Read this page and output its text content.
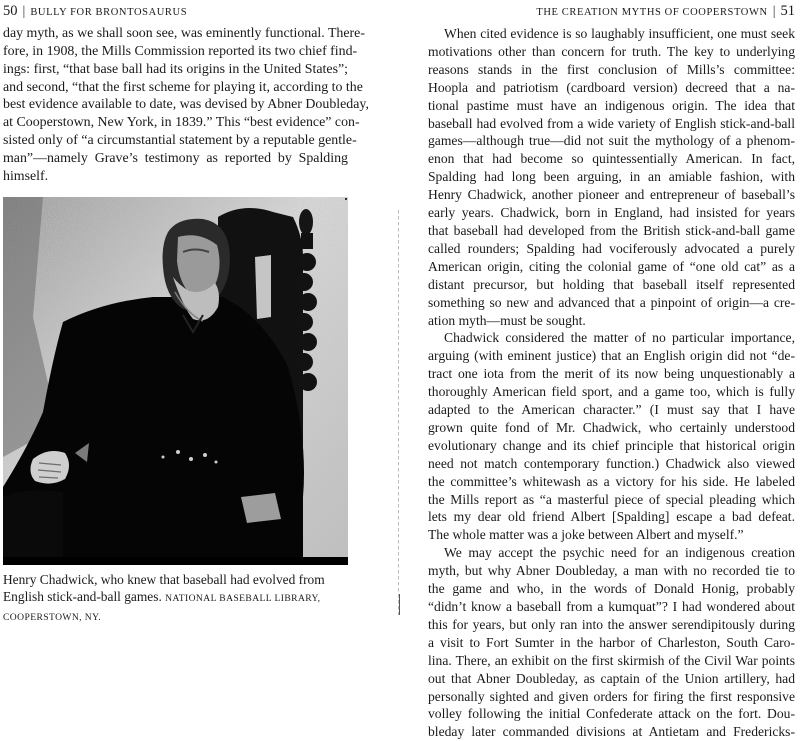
50 | BULLY FOR BRONTOSAURUS

day myth, as we shall soon see, was eminently functional. There-
fore, in 1908, the Mills Commission reported its two chief find-
ings: first, “that base ball had its origins in the United States”;
and second, “that the first scheme for playing it, according to the
best evidence available to date, was devised by Abner Doubleday,
at Cooperstown, New York, in 1839.” This “best evidence” con-
sisted only of “a circumstantial statement by a reputable gentle-
man”—namely Grave’s testimony as reported by Spalding
himself.

Henry Chadwick, who knew that baseball had evolved from English stick-and-ball games. NATIONAL BASEBALL LIBRARY, COOPERSTOWN, NY.
THE CREATION MYTHS OF COOPERSTOWN | 51

When cited evidence is so laughably insufficient, one must seek
motivations other than concern for truth. The key to underlying
reasons stands in the first conclusion of Mills’s committee:
Hoopla and patriotism (cardboard version) decreed that a na-
tional pastime must have an indigenous origin. The idea that
baseball had evolved from a wide variety of English stick-and-ball
games—although true—did not suit the mythology of a phenom-
enon that had become so quintessentially American. In fact,
Spalding had long been arguing, in an amiable fashion, with
Henry Chadwick, another pioneer and entrepreneur of baseball’s
early years. Chadwick, born in England, had insisted for years
that baseball had developed from the British stick-and-ball game
called rounders; Spalding had vociferously advocated a purely
American origin, citing the colonial game of “one old cat” as a
distant precursor, but holding that baseball itself represented
something so new and advanced that a pinpoint of origin—a cre-
ation myth—must be sought.

Chadwick considered the matter of no particular importance,
arguing (with eminent justice) that an English origin did not “de-
tract one iota from the merit of its now being unquestionably a
thoroughly American field sport, and a game too, which is fully
adapted to the American character.” (I must say that I have
grown quite fond of Mr. Chadwick, who certainly understood
evolutionary change and its chief principle that historical origin
need not match contemporary function.) Chadwick also viewed
the committee’s whitewash as a victory for his side. He labeled
the Mills report as “a masterful piece of special pleading which
lets my dear old friend Albert [Spalding] escape a bad defeat.
The whole matter was a joke between Albert and myself.”

We may accept the psychic need for an indigenous creation
myth, but why Abner Doubleday, a man with no recorded tie to
the game and who, in the words of Donald Honig, probably
“didn’t know a baseball from a kumquat”? I had wondered about
this for years, but only ran into the answer serendipitously during
a visit to Fort Sumter in the harbor of Charleston, South Caro-
lina. There, an exhibit on the first skirmish of the Civil War points
out that Abner Doubleday, as captain of the Union artillery, had
personally sighted and given orders for firing the first responsive
volley following the initial Confederate attack on the fort. Dou-
bleday later commanded divisions at Antietam and Fredericks-
